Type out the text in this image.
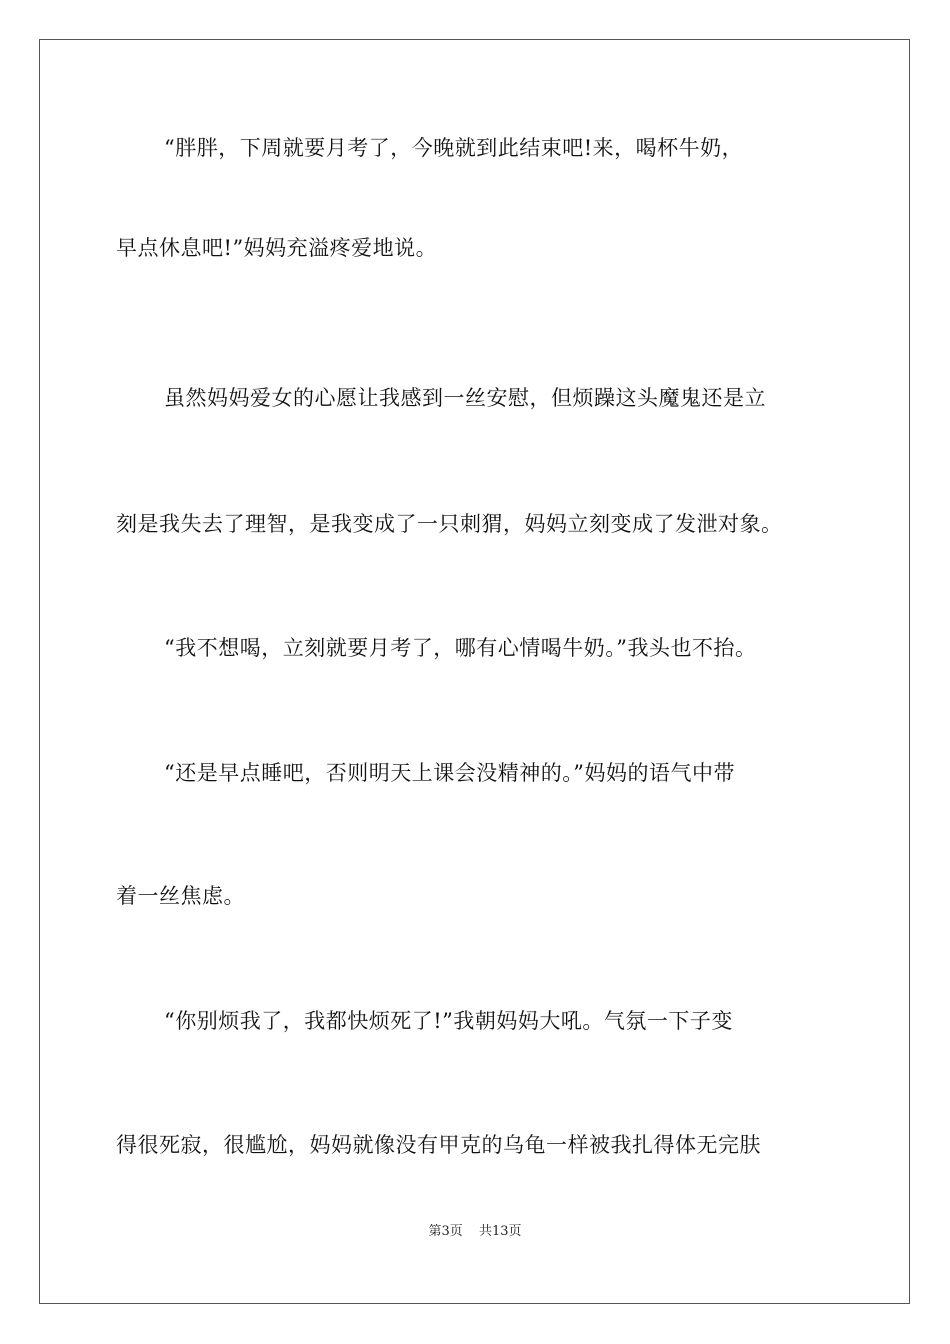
“胖胖，下周就要月考了，今晚就到此结束吧!来，喝杯牛奶，
早点休息吧!”妈妈充溢疼爱地说。
虽然妈妈爱女的心愿让我感到一丝安慰，但烦躁这头魔鬼还是立
刻是我失去了理智，是我变成了一只刺猬，妈妈立刻变成了发泄对象。
“我不想喝，立刻就要月考了，哪有心情喝牛奶。”我头也不抬。
“还是早点睡吧，否则明天上课会没精神的。”妈妈的语气中带
着一丝焦虑。
“你别烦我了，我都快烦死了!”我朝妈妈大吼。气氛一下子变
得很死寂，很尴尬，妈妈就像没有甲克的乌龟一样被我扎得体无完肤
第3页 共13页
